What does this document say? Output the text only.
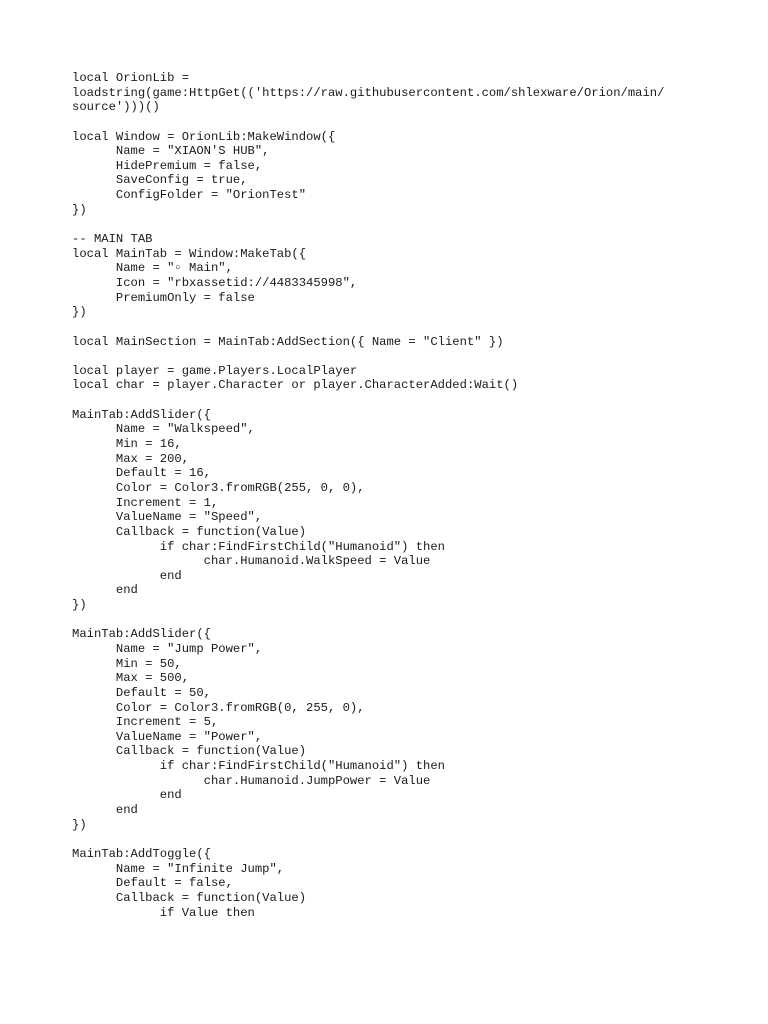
local OrionLib =
loadstring(game:HttpGet(('https://raw.githubusercontent.com/shlexware/Orion/main/
source')))()
local Window = OrionLib:MakeWindow({
Name = "XIAON'S HUB",
HidePremium = false,
SaveConfig = true,
ConfigFolder = "OrionTest"
})
-- MAIN TAB
local MainTab = Window:MakeTab({
Name = "▫ Main",
Icon = "rbxassetid://4483345998",
PremiumOnly = false
})
local MainSection = MainTab:AddSection({ Name = "Client" })
local player = game.Players.LocalPlayer
local char = player.Character or player.CharacterAdded:Wait()
MainTab:AddSlider({
Name = "Walkspeed",
Min = 16,
Max = 200,
Default = 16,
Color = Color3.fromRGB(255, 0, 0),
Increment = 1,
ValueName = "Speed",
Callback = function(Value)
if char:FindFirstChild("Humanoid") then
char.Humanoid.WalkSpeed = Value
end
end
})
MainTab:AddSlider({
Name = "Jump Power",
Min = 50,
Max = 500,
Default = 50,
Color = Color3.fromRGB(0, 255, 0),
Increment = 5,
ValueName = "Power",
Callback = function(Value)
if char:FindFirstChild("Humanoid") then
char.Humanoid.JumpPower = Value
end
end
})
MainTab:AddToggle({
Name = "Infinite Jump",
Default = false,
Callback = function(Value)
if Value then
